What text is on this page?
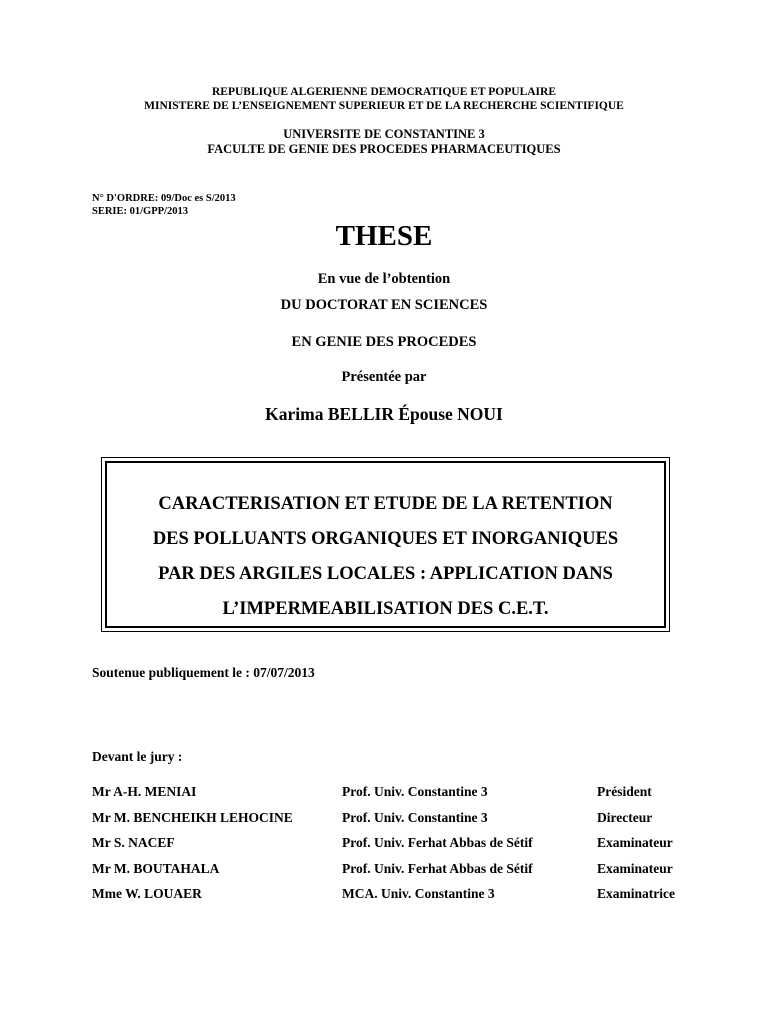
REPUBLIQUE ALGERIENNE DEMOCRATIQUE ET POPULAIRE
MINISTERE DE L’ENSEIGNEMENT SUPERIEUR ET DE LA RECHERCHE SCIENTIFIQUE
UNIVERSITE DE CONSTANTINE 3
FACULTE DE GENIE DES PROCEDES PHARMACEUTIQUES
N° D'ORDRE: 09/Doc es S/2013
SERIE: 01/GPP/2013
THESE
En vue de l’obtention
DU DOCTORAT EN SCIENCES
EN GENIE DES PROCEDES
Présentée par
Karima BELLIR Épouse NOUI
CARACTERISATION ET ETUDE DE LA RETENTION
DES POLLUANTS ORGANIQUES ET INORGANIQUES
PAR DES ARGILES LOCALES : APPLICATION DANS
L’IMPERMEABILISATION DES C.E.T.
Soutenue publiquement le : 07/07/2013
Devant le jury :
Mr A-H. MENIAI	Prof. Univ. Constantine 3	Président
Mr M. BENCHEIKH LEHOCINE	Prof. Univ. Constantine 3	Directeur
Mr S. NACEF	Prof. Univ. Ferhat Abbas de Sétif	Examinateur
Mr M. BOUTAHALA	Prof. Univ. Ferhat Abbas de Sétif	Examinateur
Mme W. LOUAER	MCA. Univ. Constantine 3	Examinatrice
